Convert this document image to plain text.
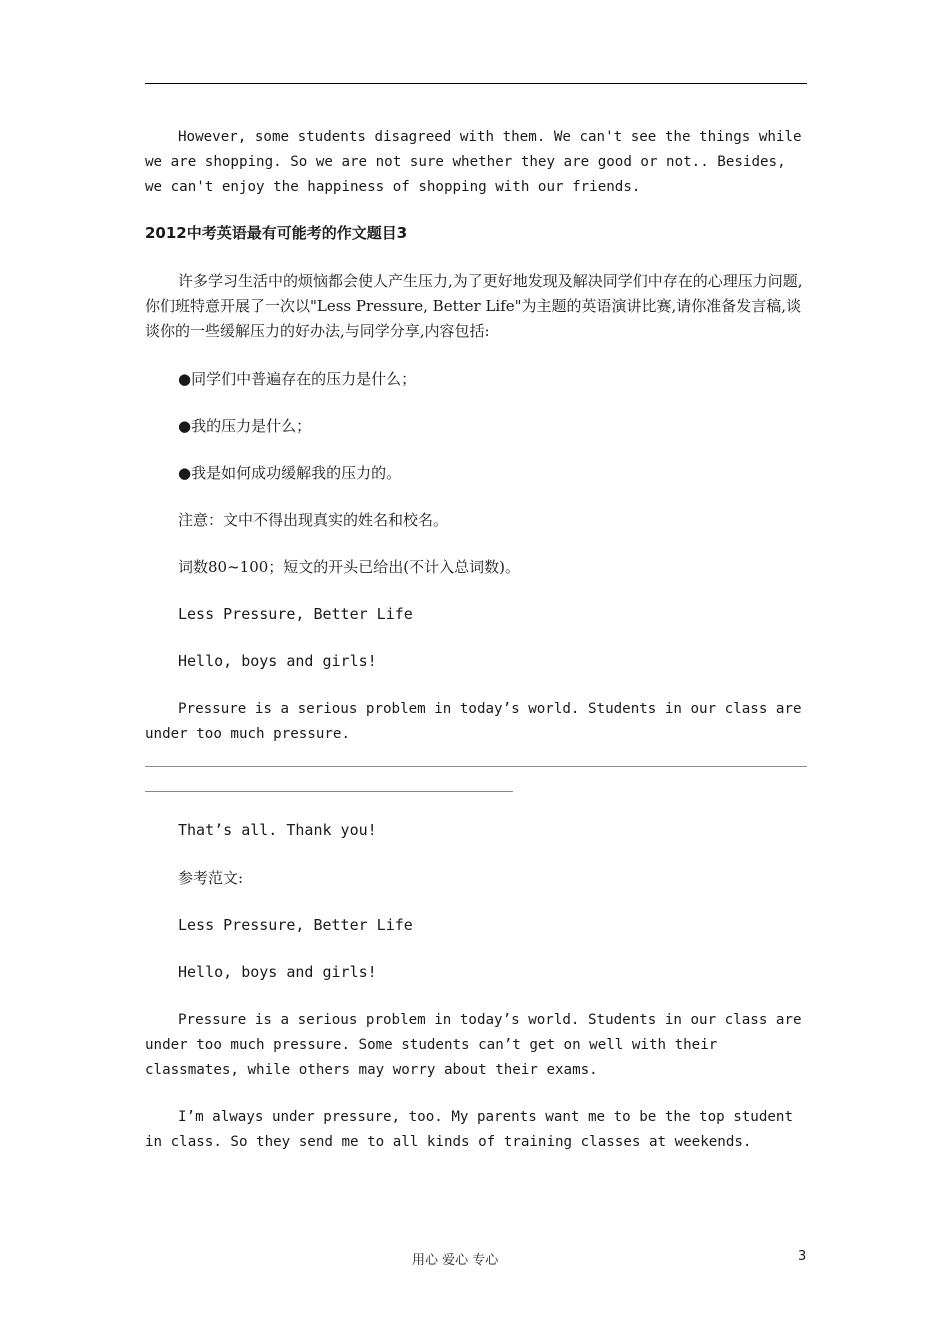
However, some students disagreed with them. We can't see the things while we are shopping. So we are not sure whether they are good or not.. Besides, we can't enjoy the happiness of shopping with our friends.
2012中考英语最有可能考的作文题目3
许多学习生活中的烦恼都会使人产生压力,为了更好地发现及解决同学们中存在的心理压力问题,你们班特意开展了一次以"Less Pressure, Better Life"为主题的英语演讲比赛,请你准备发言稿,谈谈你的一些缓解压力的好办法,与同学分享,内容包括:
●同学们中普遍存在的压力是什么；
●我的压力是什么；
●我是如何成功缓解我的压力的。
注意：文中不得出现真实的姓名和校名。
词数80~100；短文的开头已给出(不计入总词数)。
Less Pressure, Better Life
Hello, boys and girls!
Pressure is a serious problem in today’s world. Students in our class are under too much pressure.
That’s all. Thank you!
参考范文:
Less Pressure, Better Life
Hello, boys and girls!
Pressure is a serious problem in today’s world. Students in our class are under too much pressure. Some students can’t get on well with their classmates, while others may worry about their exams.
I’m always under pressure, too. My parents want me to be the top student in class. So they send me to all kinds of training classes at weekends.
用心 爱心 专心	3
